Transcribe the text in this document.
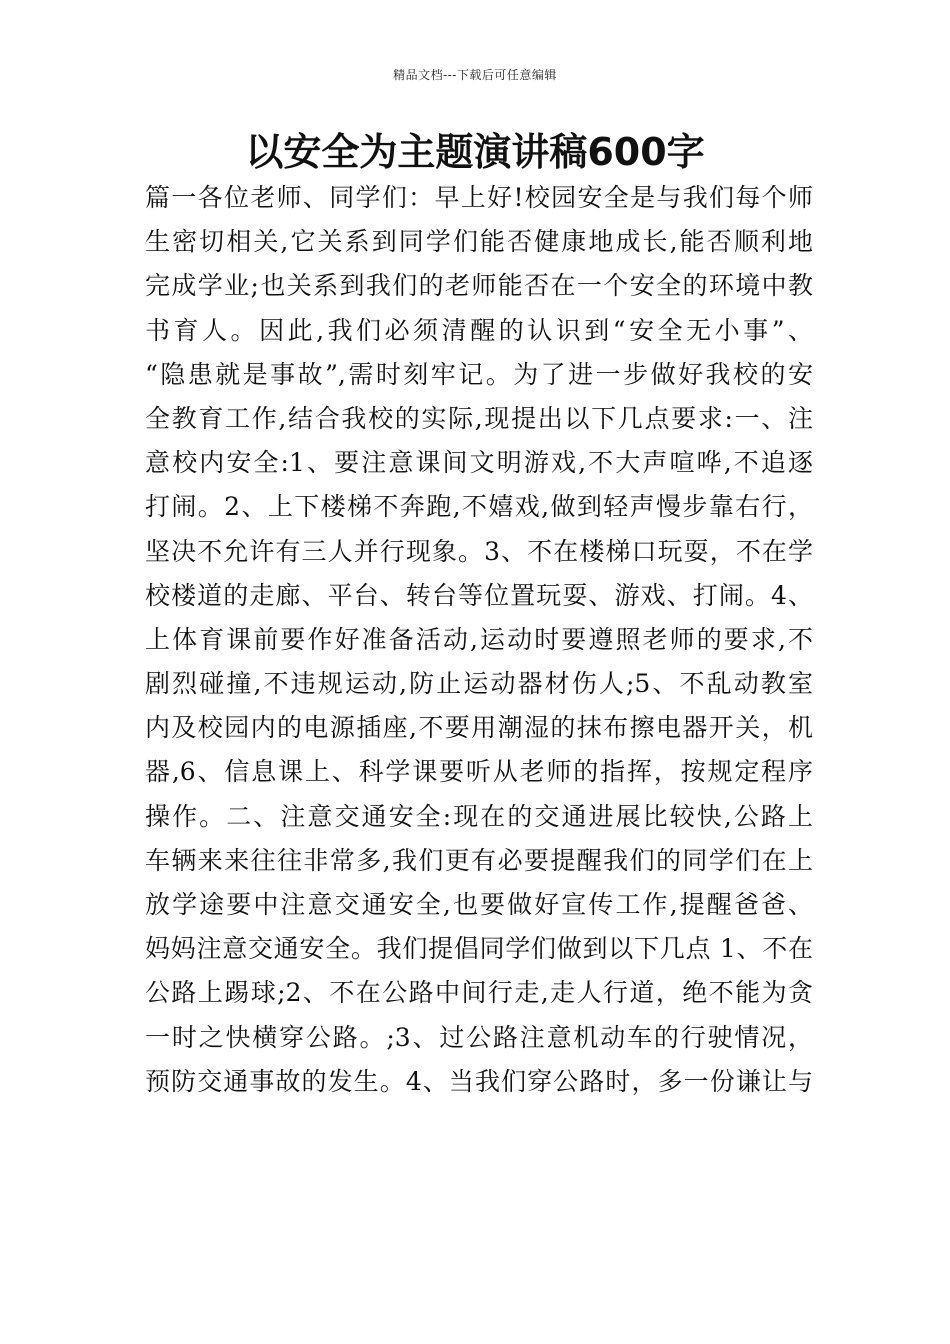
精品文档---下载后可任意编辑
以安全为主题演讲稿600字
篇一各位老师、同学们：早上好!校园安全是与我们每个师
生密切相关,它关系到同学们能否健康地成长,能否顺利地
完成学业;也关系到我们的老师能否在一个安全的环境中教
书育人。因此,我们必须清醒的认识到“安全无小事”、
“隐患就是事故”,需时刻牢记。为了进一步做好我校的安
全教育工作,结合我校的实际,现提出以下几点要求:一、注
意校内安全:1、要注意课间文明游戏,不大声喧哗,不追逐
打闹。2、上下楼梯不奔跑,不嬉戏,做到轻声慢步靠右行，
坚决不允许有三人并行现象。3、不在楼梯口玩耍，不在学
校楼道的走廊、平台、转台等位置玩耍、游戏、打闹。4、
上体育课前要作好准备活动,运动时要遵照老师的要求,不
剧烈碰撞,不违规运动,防止运动器材伤人;5、不乱动教室
内及校园内的电源插座,不要用潮湿的抹布擦电器开关，机
器,6、信息课上、科学课要听从老师的指挥，按规定程序
操作。二、注意交通安全:现在的交通进展比较快,公路上
车辆来来往往非常多,我们更有必要提醒我们的同学们在上
放学途要中注意交通安全,也要做好宣传工作,提醒爸爸、
妈妈注意交通安全。我们提倡同学们做到以下几点 1、不在
公路上踢球;2、不在公路中间行走,走人行道，绝不能为贪
一时之快横穿公路。;3、过公路注意机动车的行驶情况，
预防交通事故的发生。4、当我们穿公路时，多一份谦让与
